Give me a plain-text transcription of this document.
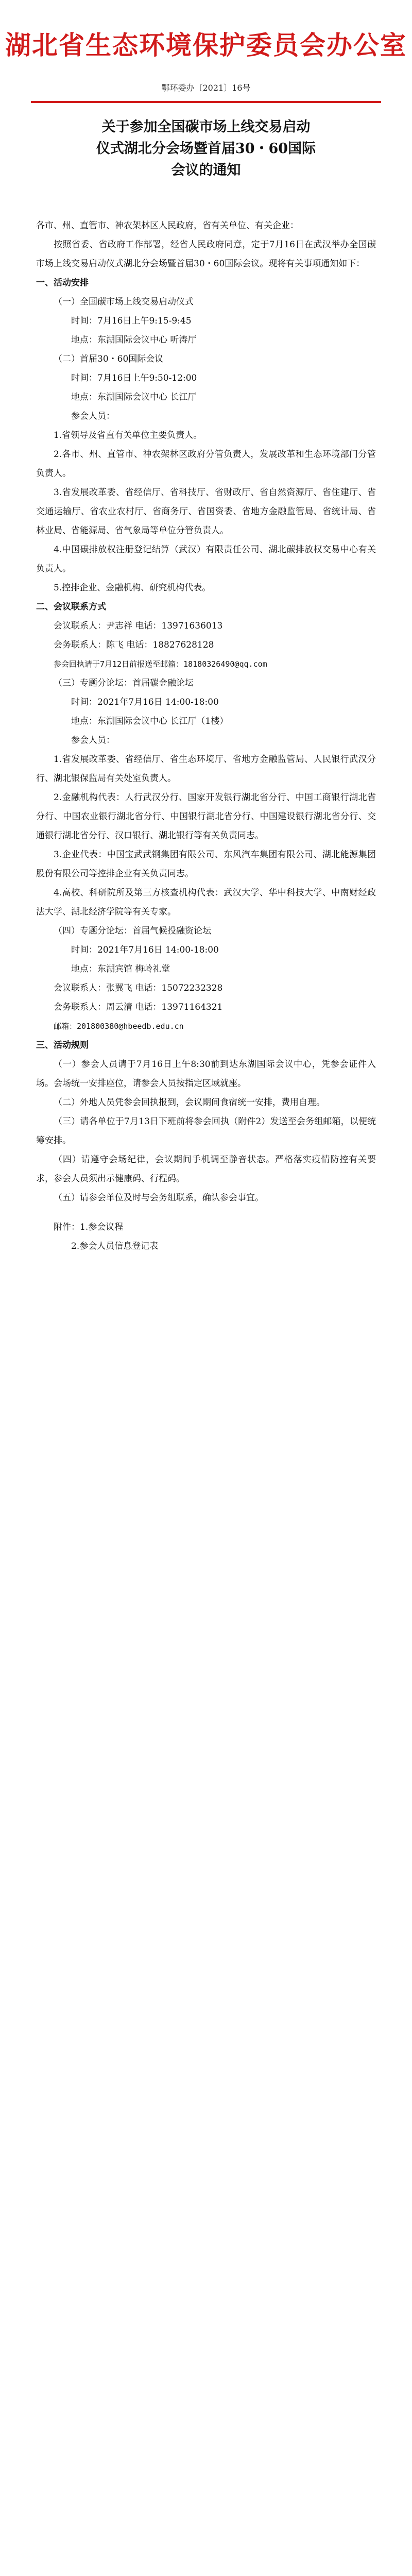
湖北省生态环境保护委员会办公室
鄂环委办〔2021〕16号
关于参加全国碳市场上线交易启动
仪式湖北分会场暨首届30・60国际
会议的通知

各市、州、直管市、神农架林区人民政府，省有关单位、有关企业：

按照省委、省政府工作部署，经省人民政府同意，定于7月16日在武汉举办全国碳市场上线交易启动仪式湖北分会场暨首届30・60国际会议。现将有关事项通知如下：

一、活动安排

（一）全国碳市场上线交易启动仪式

时间：7月16日上午9:15-9:45

地点：东湖国际会议中心 听涛厅

（二）首届30・60国际会议

时间：7月16日上午9:50-12:00

地点：东湖国际会议中心 长江厅

参会人员：

1.省领导及省直有关单位主要负责人。

2.各市、州、直管市、神农架林区政府分管负责人，发展改革和生态环境部门分管负责人。

3.省发展改革委、省经信厅、省科技厅、省财政厅、省自然资源厅、省住建厅、省交通运输厅、省农业农村厅、省商务厅、省国资委、省地方金融监管局、省统计局、省林业局、省能源局、省气象局等单位分管负责人。

4.中国碳排放权注册登记结算（武汉）有限责任公司、湖北碳排放权交易中心有关负责人。

5.控排企业、金融机构、研究机构代表。

二、会议联系方式

会议联系人：尹志祥 电话：13971636013

会务联系人：陈飞 电话：18827628128

参会回执请于7月12日前报送至邮箱：18180326490@qq.com

（三）专题分论坛：首届碳金融论坛

时间：2021年7月16日 14:00-18:00

地点：东湖国际会议中心 长江厅（1楼）

参会人员：

1.省发展改革委、省经信厅、省生态环境厅、省地方金融监管局、人民银行武汉分行、湖北银保监局有关处室负责人。

2.金融机构代表：人行武汉分行、国家开发银行湖北省分行、中国工商银行湖北省分行、中国农业银行湖北省分行、中国银行湖北省分行、中国建设银行湖北省分行、交通银行湖北省分行、汉口银行、湖北银行等有关负责同志。

3.企业代表：中国宝武武钢集团有限公司、东风汽车集团有限公司、湖北能源集团股份有限公司等控排企业有关负责同志。

4.高校、科研院所及第三方核查机构代表：武汉大学、华中科技大学、中南财经政法大学、湖北经济学院等有关专家。

（四）专题分论坛：首届气候投融资论坛

时间：2021年7月16日 14:00-18:00

地点：东湖宾馆 梅岭礼堂

会议联系人：张翼飞 电话：15072232328

会务联系人：周云清 电话：13971164321

邮箱：201800380@hbeedb.edu.cn

三、活动规则

（一）参会人员请于7月16日上午8:30前到达东湖国际会议中心，凭参会证件入场。会场统一安排座位，请参会人员按指定区域就座。

（二）外地人员凭参会回执报到，会议期间食宿统一安排，费用自理。

（三）请各单位于7月13日下班前将参会回执（附件2）发送至会务组邮箱，以便统筹安排。

（四）请遵守会场纪律，会议期间手机调至静音状态。严格落实疫情防控有关要求，参会人员须出示健康码、行程码。

（五）请参会单位及时与会务组联系，确认参会事宜。

附件：1.参会议程

2.参会人员信息登记表
